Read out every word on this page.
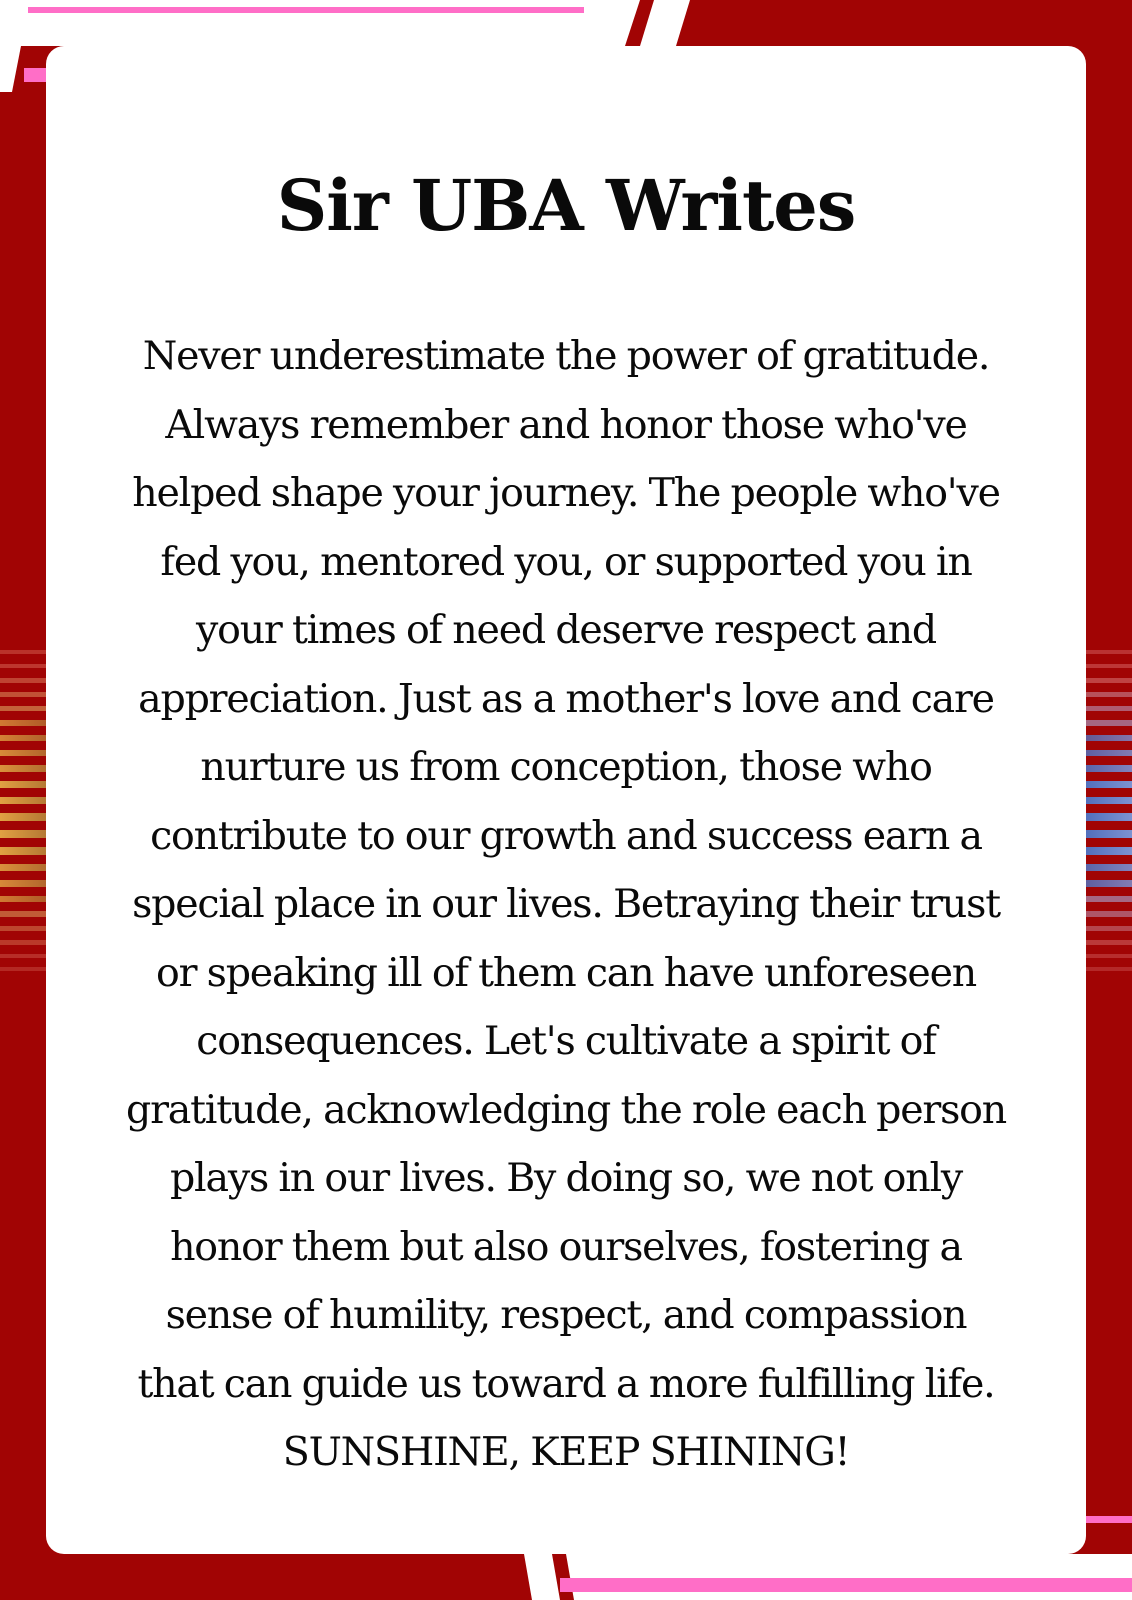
Sir UBA Writes

Never underestimate the power of gratitude.
Always remember and honor those who've
helped shape your journey. The people who've
fed you, mentored you, or supported you in
your times of need deserve respect and
appreciation. Just as a mother's love and care
nurture us from conception, those who
contribute to our growth and success earn a
special place in our lives. Betraying their trust
or speaking ill of them can have unforeseen
consequences. Let's cultivate a spirit of
gratitude, acknowledging the role each person
plays in our lives. By doing so, we not only
honor them but also ourselves, fostering a
sense of humility, respect, and compassion
that can guide us toward a more fulfilling life.
SUNSHINE, KEEP SHINING!
